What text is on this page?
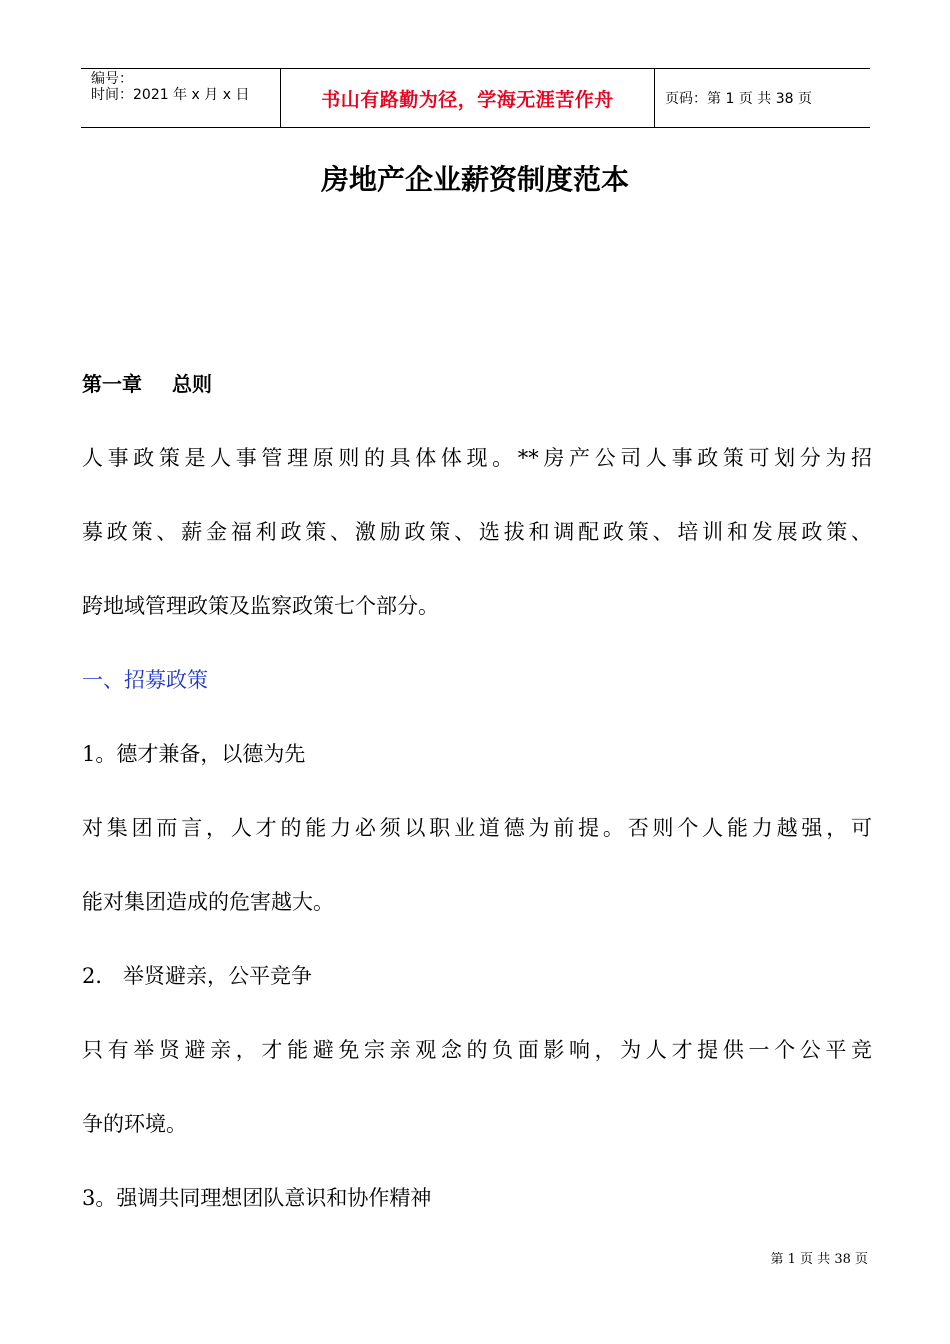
编号：
时间：2021 年 x 月 x 日	书山有路勤为径，学海无涯苦作舟	页码：第 1 页 共 38 页
房地产企业薪资制度范本
第一章 总则
人事政策是人事管理原则的具体体现。**房产公司人事政策可划分为招
募政策、薪金福利政策、激励政策、选拔和调配政策、培训和发展政策、
跨地域管理政策及监察政策七个部分。
一、招募政策
1。德才兼备，以德为先
对集团而言，人才的能力必须以职业道德为前提。否则个人能力越强，可
能对集团造成的危害越大。
2． 举贤避亲，公平竞争
只有举贤避亲，才能避免宗亲观念的负面影响，为人才提供一个公平竞
争的环境。
3。强调共同理想团队意识和协作精神
第 1 页 共 38 页
